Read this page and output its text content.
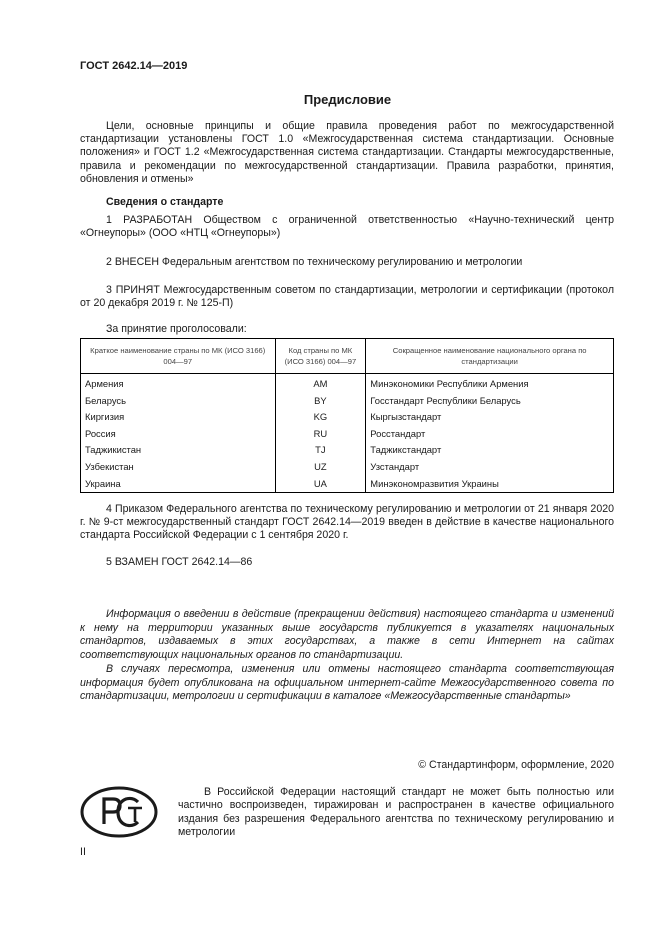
ГОСТ 2642.14—2019
Предисловие
Цели, основные принципы и общие правила проведения работ по межгосударственной стандартизации установлены ГОСТ 1.0 «Межгосударственная система стандартизации. Основные положения» и ГОСТ 1.2 «Межгосударственная система стандартизации. Стандарты межгосударственные, правила и рекомендации по межгосударственной стандартизации. Правила разработки, принятия, обновления и отмены»
Сведения о стандарте
1 РАЗРАБОТАН Обществом с ограниченной ответственностью «Научно-технический центр «Огнеупоры» (ООО «НТЦ «Огнеупоры»)
2 ВНЕСЕН Федеральным агентством по техническому регулированию и метрологии
3 ПРИНЯТ Межгосударственным советом по стандартизации, метрологии и сертификации (протокол от 20 декабря 2019 г. № 125-П)
За принятие проголосовали:
Краткое наименование страны по МК (ИСО 3166) 004—97	Код страны по МК (ИСО 3166) 004—97	Сокращенное наименование национального органа по стандартизации
Армения	AM	Минэкономики Республики Армения
Беларусь	BY	Госстандарт Республики Беларусь
Киргизия	KG	Кыргызстандарт
Россия	RU	Росстандарт
Таджикистан	TJ	Таджикстандарт
Узбекистан	UZ	Узстандарт
Украина	UA	Минэкономразвития Украины
4 Приказом Федерального агентства по техническому регулированию и метрологии от 21 января 2020 г. № 9-ст межгосударственный стандарт ГОСТ 2642.14—2019 введен в действие в качестве национального стандарта Российской Федерации с 1 сентября 2020 г.
5 ВЗАМЕН ГОСТ 2642.14—86
Информация о введении в действие (прекращении действия) настоящего стандарта и изменений к нему на территории указанных выше государств публикуется в указателях национальных стандартов, издаваемых в этих государствах, а также в сети Интернет на сайтах соответствующих национальных органов по стандартизации.
В случаях пересмотра, изменения или отмены настоящего стандарта соответствующая информация будет опубликована на официальном интернет-сайте Межгосударственного совета по стандартизации, метрологии и сертификации в каталоге «Межгосударственные стандарты»
© Стандартинформ, оформление, 2020
В Российской Федерации настоящий стандарт не может быть полностью или частично воспроизведен, тиражирован и распространен в качестве официального издания без разрешения Федерального агентства по техническому регулированию и метрологии
II
